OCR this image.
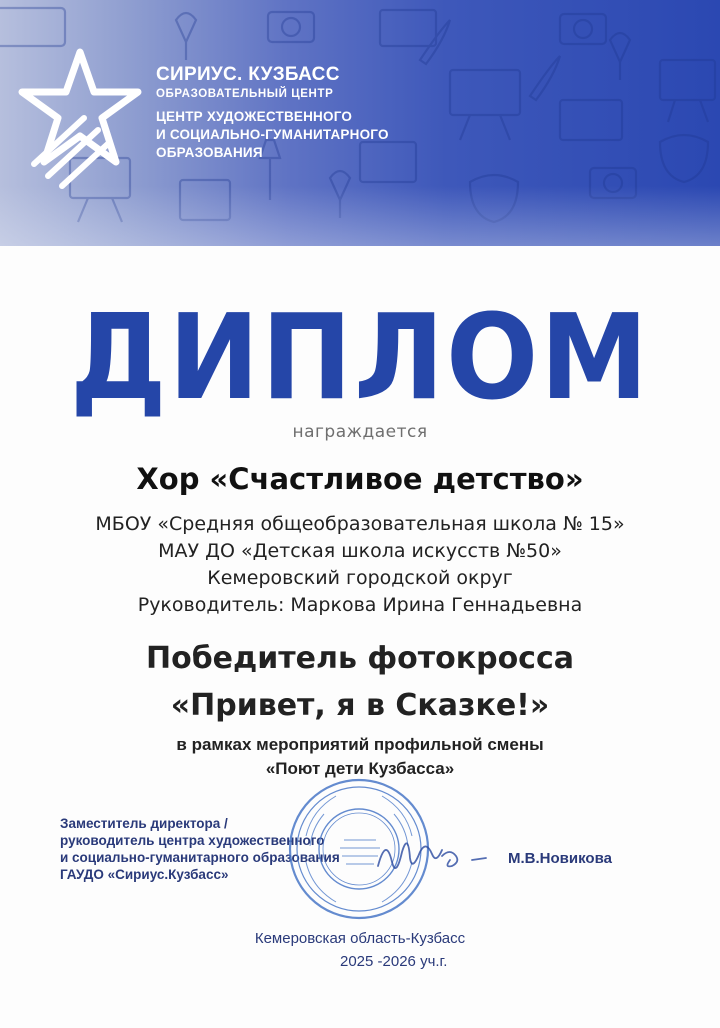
СИРИУС. КУЗБАСС
ОБРАЗОВАТЕЛЬНЫЙ ЦЕНТР
ЦЕНТР ХУДОЖЕСТВЕННОГО
И СОЦИАЛЬНО-ГУМАНИТАРНОГО
ОБРАЗОВАНИЯ
ДИПЛОМ
награждается
Хор «Счастливое детство»
МБОУ «Средняя общеобразовательная школа № 15»
МАУ ДО «Детская школа искусств №50»
Кемеровский городской округ
Руководитель: Маркова Ирина Геннадьевна
Победитель фотокросса
«Привет, я в Сказке!»
в рамках мероприятий профильной смены
«Поют дети Кузбасса»
Заместитель директора /
руководитель центра художественного
и социально-гуманитарного образования
ГАУДО «Сириус.Кузбасс»
М.В.Новикова
Кемеровская область-Кузбасс
2025 -2026 уч.г.
